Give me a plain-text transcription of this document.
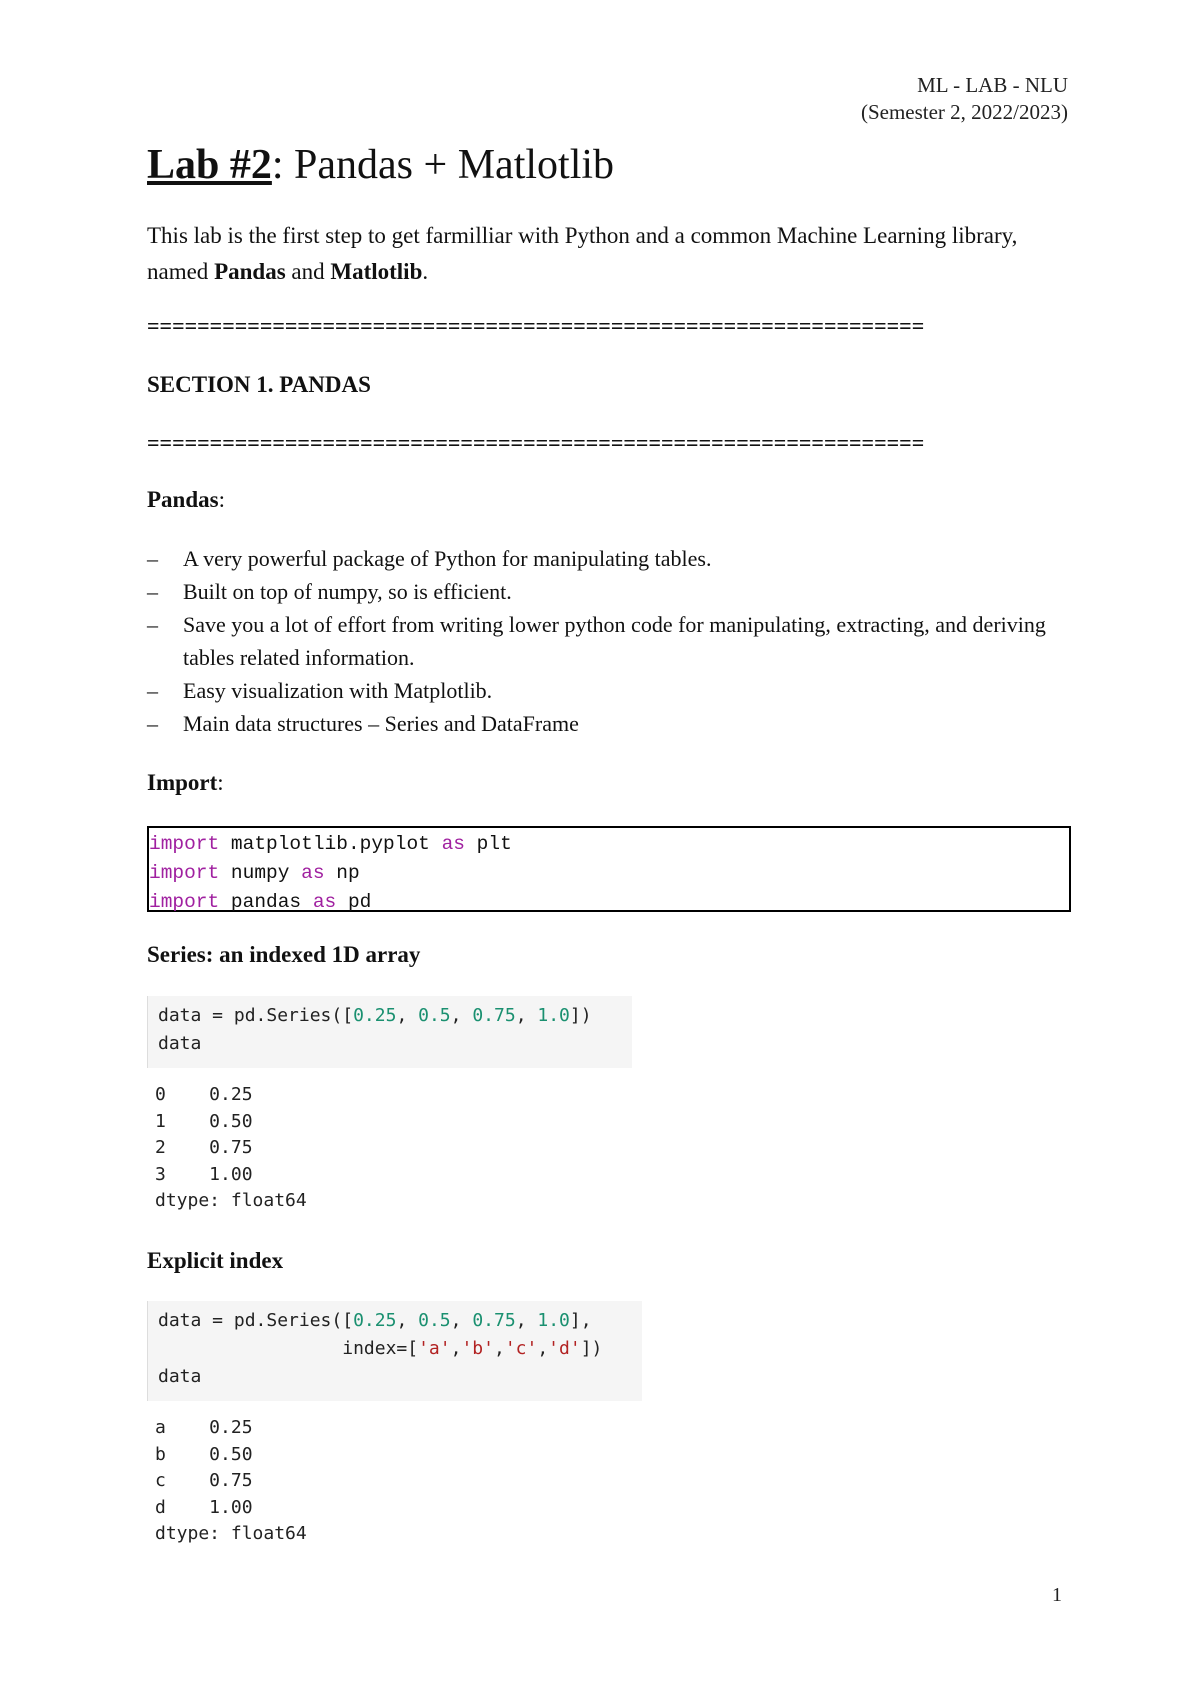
ML - LAB - NLU
(Semester 2, 2022/2023)
Lab #2: Pandas + Matlotlib
This lab is the first step to get farmilliar with Python and a common Machine Learning library, named Pandas and Matlotlib.
==============================================================
SECTION 1. PANDAS
==============================================================
Pandas:
– A very powerful package of Python for manipulating tables.
– Built on top of numpy, so is efficient.
– Save you a lot of effort from writing lower python code for manipulating, extracting, and deriving tables related information.
– Easy visualization with Matplotlib.
– Main data structures – Series and DataFrame
Import:
import matplotlib.pyplot as plt
import numpy as np
import pandas as pd
Series: an indexed 1D array
data = pd.Series([0.25, 0.5, 0.75, 1.0])
data
0    0.25
1    0.50
2    0.75
3    1.00
dtype: float64
Explicit index
data = pd.Series([0.25, 0.5, 0.75, 1.0],
index=['a','b','c','d'])
data
a    0.25
b    0.50
c    0.75
d    1.00
dtype: float64
1
